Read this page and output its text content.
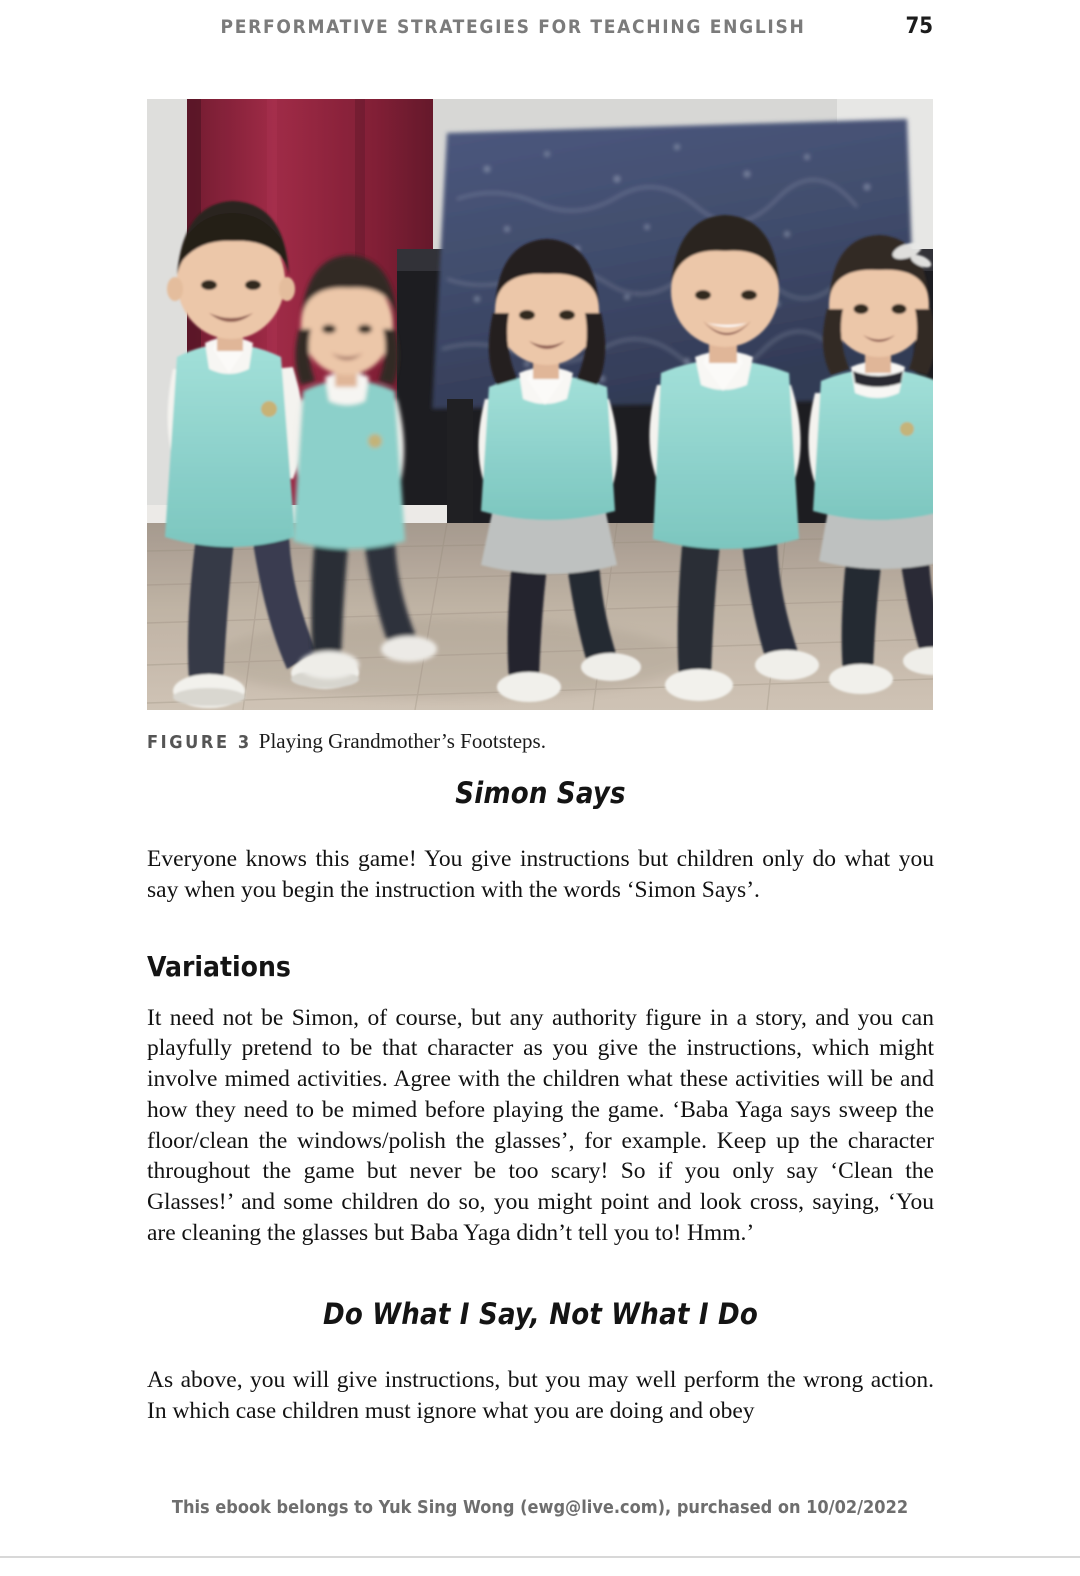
PERFORMATIVE STRATEGIES FOR TEACHING ENGLISH	75
FIGURE 3 Playing Grandmother’s Footsteps.
Simon Says

Everyone knows this game! You give instructions but children only do what you say when you begin the instruction with the words ‘Simon Says’.

Variations

It need not be Simon, of course, but any authority figure in a story, and you can playfully pretend to be that character as you give the instructions, which might involve mimed activities. Agree with the children what these activities will be and how they need to be mimed before playing the game. ‘Baba Yaga says sweep the floor/clean the windows/polish the glasses’, for example. Keep up the character throughout the game but never be too scary! So if you only say ‘Clean the Glasses!’ and some children do so, you might point and look cross, saying, ‘You are cleaning the glasses but Baba Yaga didn’t tell you to! Hmm.’

Do What I Say, Not What I Do

As above, you will give instructions, but you may well perform the wrong action. In which case children must ignore what you are doing and obey

This ebook belongs to Yuk Sing Wong (ewg@live.com), purchased on 10/02/2022
